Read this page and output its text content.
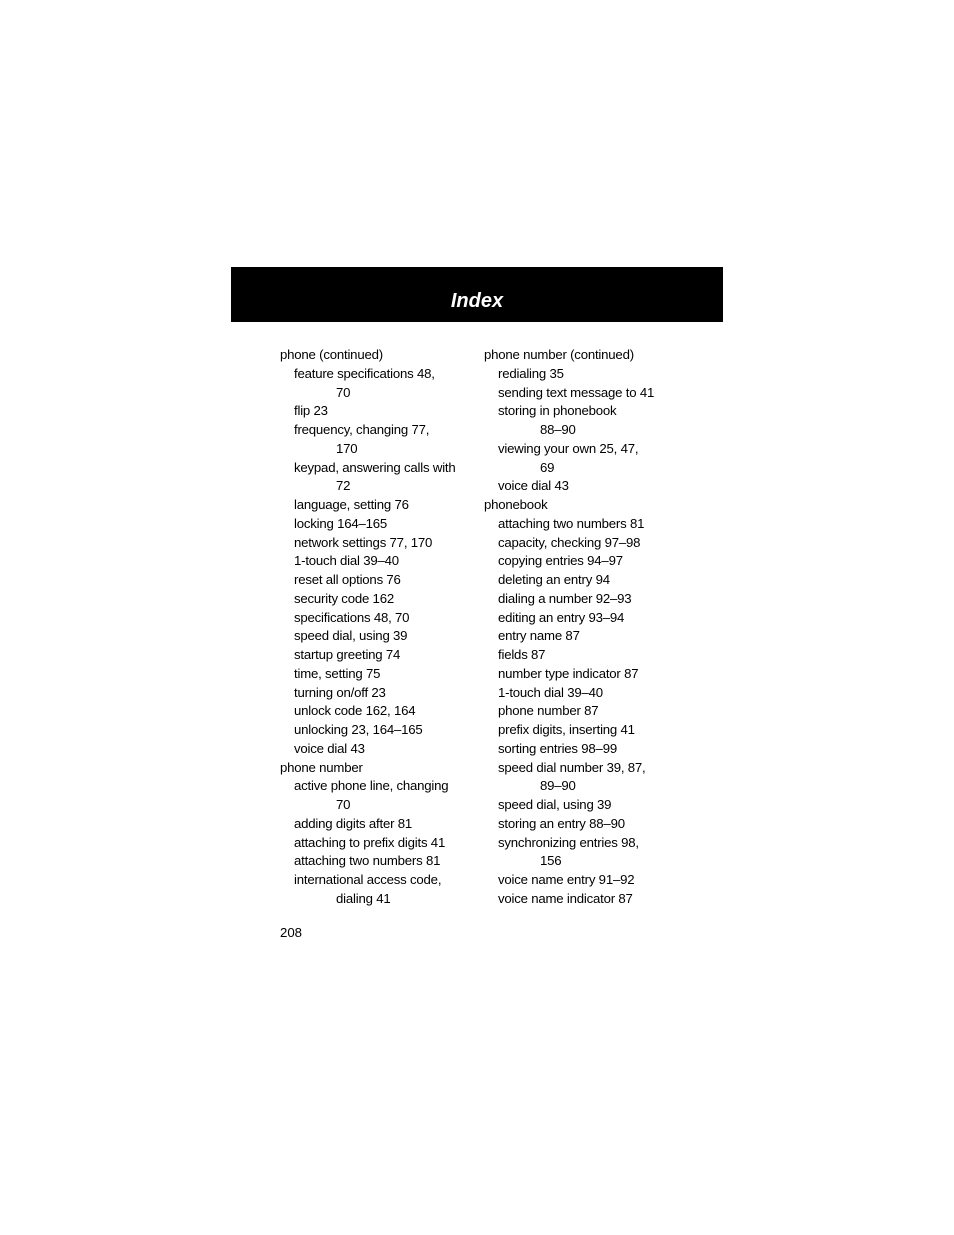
Index
phone (continued)
feature specifications 48,
70
flip 23
frequency, changing 77,
170
keypad, answering calls with
72
language, setting 76
locking 164–165
network settings 77, 170
1-touch dial 39–40
reset all options 76
security code 162
specifications 48, 70
speed dial, using 39
startup greeting 74
time, setting 75
turning on/off 23
unlock code 162, 164
unlocking 23, 164–165
voice dial 43
phone number
active phone line, changing
70
adding digits after 81
attaching to prefix digits 41
attaching two numbers 81
international access code,
dialing 41
phone number (continued)
redialing 35
sending text message to 41
storing in phonebook
88–90
viewing your own 25, 47,
69
voice dial 43
phonebook
attaching two numbers 81
capacity, checking 97–98
copying entries 94–97
deleting an entry 94
dialing a number 92–93
editing an entry 93–94
entry name 87
fields 87
number type indicator 87
1-touch dial 39–40
phone number 87
prefix digits, inserting 41
sorting entries 98–99
speed dial number 39, 87,
89–90
speed dial, using 39
storing an entry 88–90
synchronizing entries 98,
156
voice name entry 91–92
voice name indicator 87
208
